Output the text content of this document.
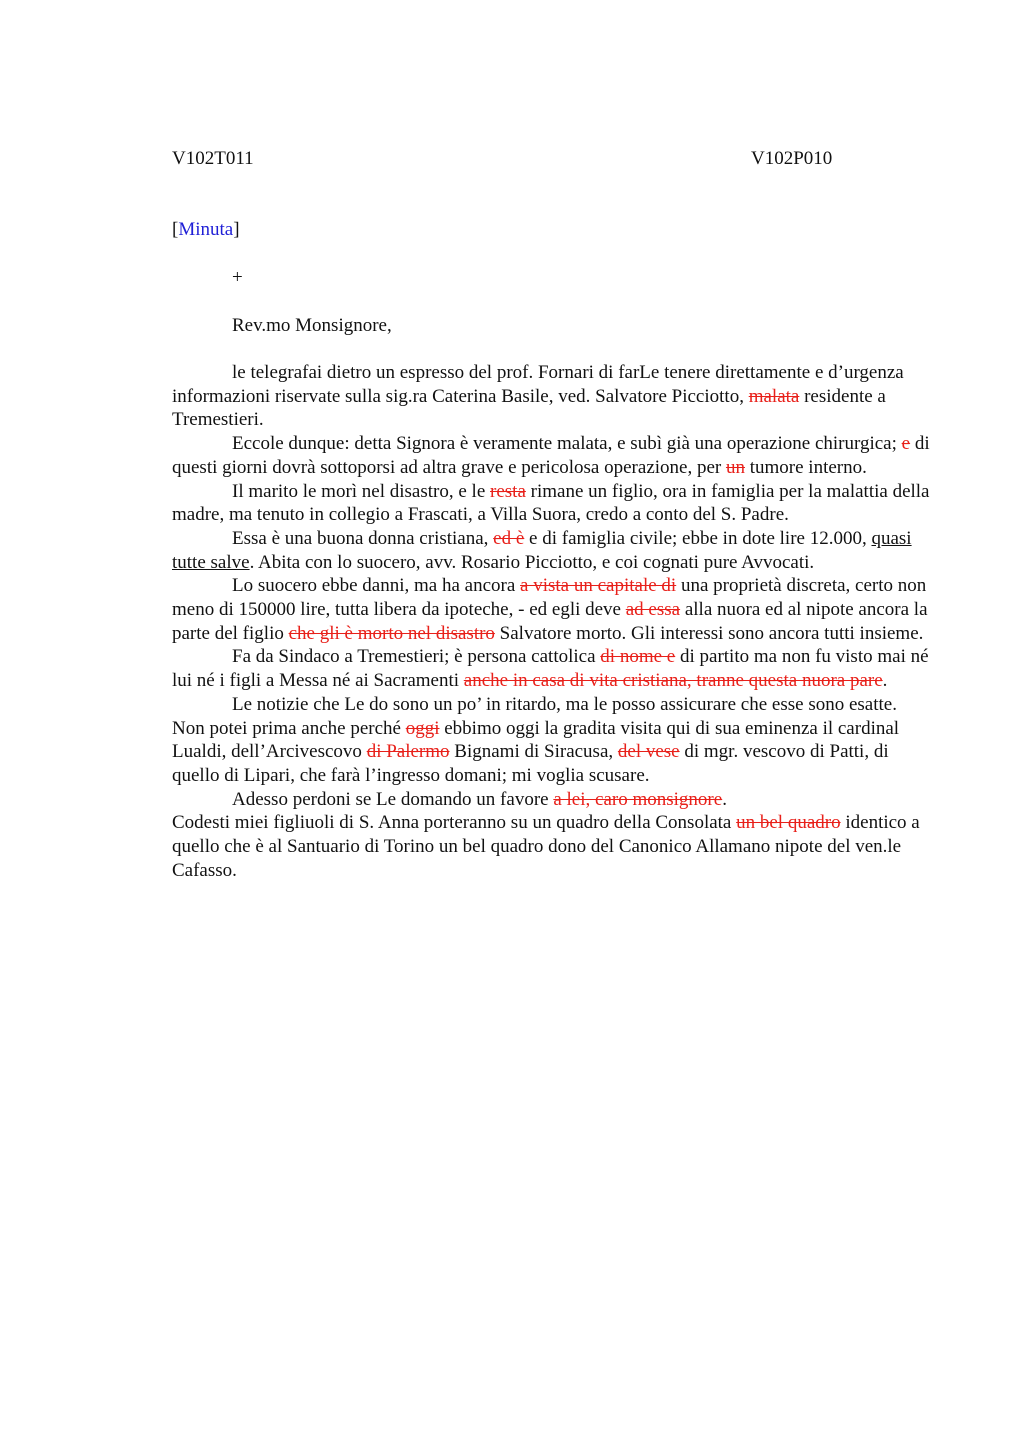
V102T011	V102P010
[Minuta]
+
Rev.mo Monsignore,

le telegrafai dietro un espresso del prof. Fornari di farLe tenere direttamente e d’urgenza informazioni riservate sulla sig.ra Caterina Basile, ved. Salvatore Picciotto, malata residente a Tremestieri.

Eccole dunque: detta Signora è veramente malata, e subì già una operazione chirurgica; e di questi giorni dovrà sottoporsi ad altra grave e pericolosa operazione, per un tumore interno.

Il marito le morì nel disastro, e le resta rimane un figlio, ora in famiglia per la malattia della madre, ma tenuto in collegio a Frascati, a Villa Suora, credo a conto del S. Padre.

Essa è una buona donna cristiana, ed è e di famiglia civile; ebbe in dote lire 12.000, quasi tutte salve. Abita con lo suocero, avv. Rosario Picciotto, e coi cognati pure Avvocati.

Lo suocero ebbe danni, ma ha ancora a vista un capitale di una proprietà discreta, certo non meno di 150000 lire, tutta libera da ipoteche, - ed egli deve ad essa alla nuora ed al nipote ancora la parte del figlio che gli è morto nel disastro Salvatore morto. Gli interessi sono ancora tutti insieme.

Fa da Sindaco a Tremestieri; è persona cattolica di nome e di partito ma non fu visto mai né lui né i figli a Messa né ai Sacramenti anche in casa di vita cristiana, tranne questa nuora pare.

Le notizie che Le do sono un po’ in ritardo, ma le posso assicurare che esse sono esatte. Non potei prima anche perché oggi ebbimo oggi la gradita visita qui di sua eminenza il cardinal Lualdi, dell’Arcivescovo di Palermo Bignami di Siracusa, del vese di mgr. vescovo di Patti, di quello di Lipari, che farà l’ingresso domani; mi voglia scusare.

Adesso perdoni se Le domando un favore a lei, caro monsignore.

Codesti miei figliuoli di S. Anna porteranno su un quadro della Consolata un bel quadro identico a quello che è al Santuario di Torino un bel quadro dono del Canonico Allamano nipote del ven.le Cafasso.
